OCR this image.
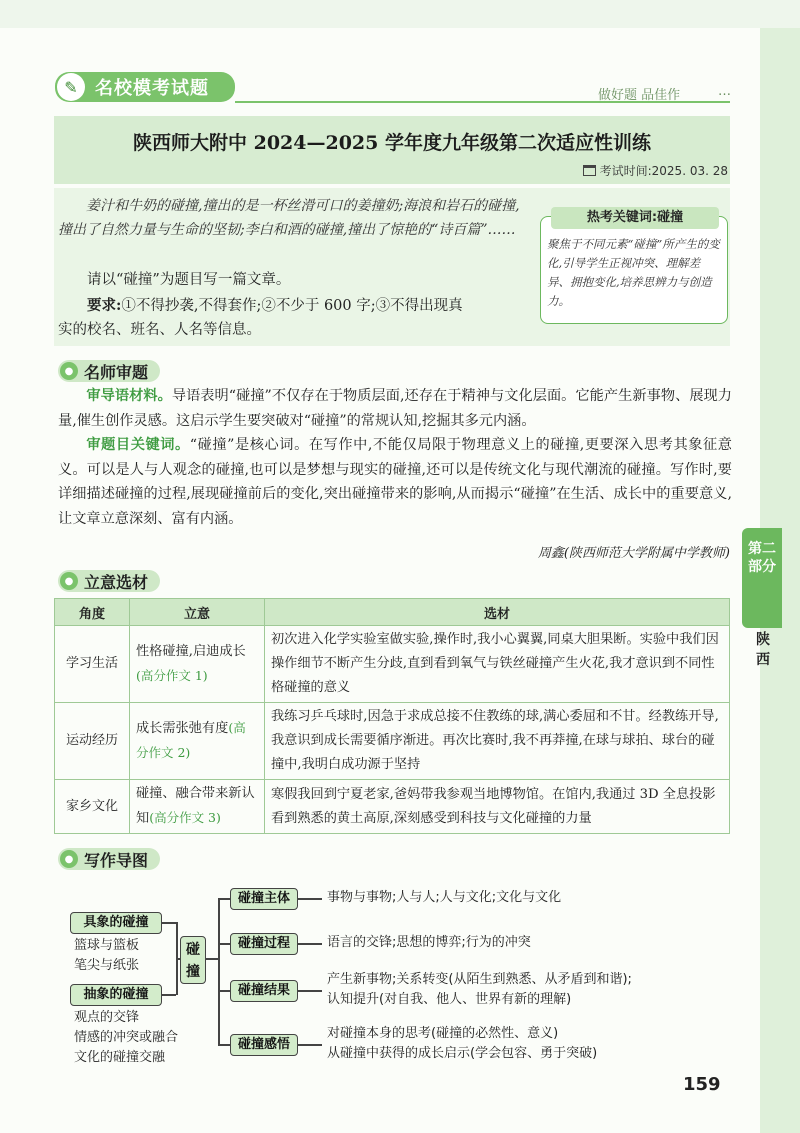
✎ 名校模考试题	做好题 品佳作	…
陕西师大附中 2024—2025 学年度九年级第二次适应性训练
考试时间:2025. 03. 28
姜汁和牛奶的碰撞,撞出的是一杯丝滑可口的姜撞奶;海浪和岩石的碰撞,撞出了自然力量与生命的坚韧;李白和酒的碰撞,撞出了惊艳的“诗百篇”……
请以“碰撞”为题目写一篇文章。
要求:①不得抄袭,不得套作;②不少于 600 字;③不得出现真
实的校名、班名、人名等信息。
热考关键词:碰撞
聚焦于不同元素“碰撞”所产生的变化,引导学生正视冲突、理解差异、拥抱变化,培养思辨力与创造力。
● 名师审题
审导语材料。导语表明“碰撞”不仅存在于物质层面,还存在于精神与文化层面。它能产生新事物、展现力量,催生创作灵感。这启示学生要突破对“碰撞”的常规认知,挖掘其多元内涵。
审题目关键词。“碰撞”是核心词。在写作中,不能仅局限于物理意义上的碰撞,更要深入思考其象征意义。可以是人与人观念的碰撞,也可以是梦想与现实的碰撞,还可以是传统文化与现代潮流的碰撞。写作时,要详细描述碰撞的过程,展现碰撞前后的变化,突出碰撞带来的影响,从而揭示“碰撞”在生活、成长中的重要意义,让文章立意深刻、富有内涵。
周鑫(陕西师范大学附属中学教师)
● 立意选材
角度	立意	选材
学习生活	性格碰撞,启迪成长(高分作文 1)	初次进入化学实验室做实验,操作时,我小心翼翼,同桌大胆果断。实验中我们因操作细节不断产生分歧,直到看到氧气与铁丝碰撞产生火花,我才意识到不同性格碰撞的意义
运动经历	成长需张弛有度(高分作文 2)	我练习乒乓球时,因急于求成总接不住教练的球,满心委屈和不甘。经教练开导,我意识到成长需要循序渐进。再次比赛时,我不再莽撞,在球与球拍、球台的碰撞中,我明白成功源于坚持
家乡文化	碰撞、融合带来新认知(高分作文 3)	寒假我回到宁夏老家,爸妈带我参观当地博物馆。在馆内,我通过 3D 全息投影看到熟悉的黄土高原,深刻感受到科技与文化碰撞的力量
● 写作导图
具象的碰撞
篮球与篮板
笔尖与纸张
抽象的碰撞
观点的交锋
情感的冲突或融合
文化的碰撞交融
碰撞
碰撞主体	事物与事物;人与人;人与文化;文化与文化
碰撞过程	语言的交锋;思想的博弈;行为的冲突
碰撞结果
产生新事物;关系转变(从陌生到熟悉、从矛盾到和谐);
认知提升(对自我、他人、世界有新的理解)
碰撞感悟
对碰撞本身的思考(碰撞的必然性、意义)
从碰撞中获得的成长启示(学会包容、勇于突破)
第二
部分
陕西
159
